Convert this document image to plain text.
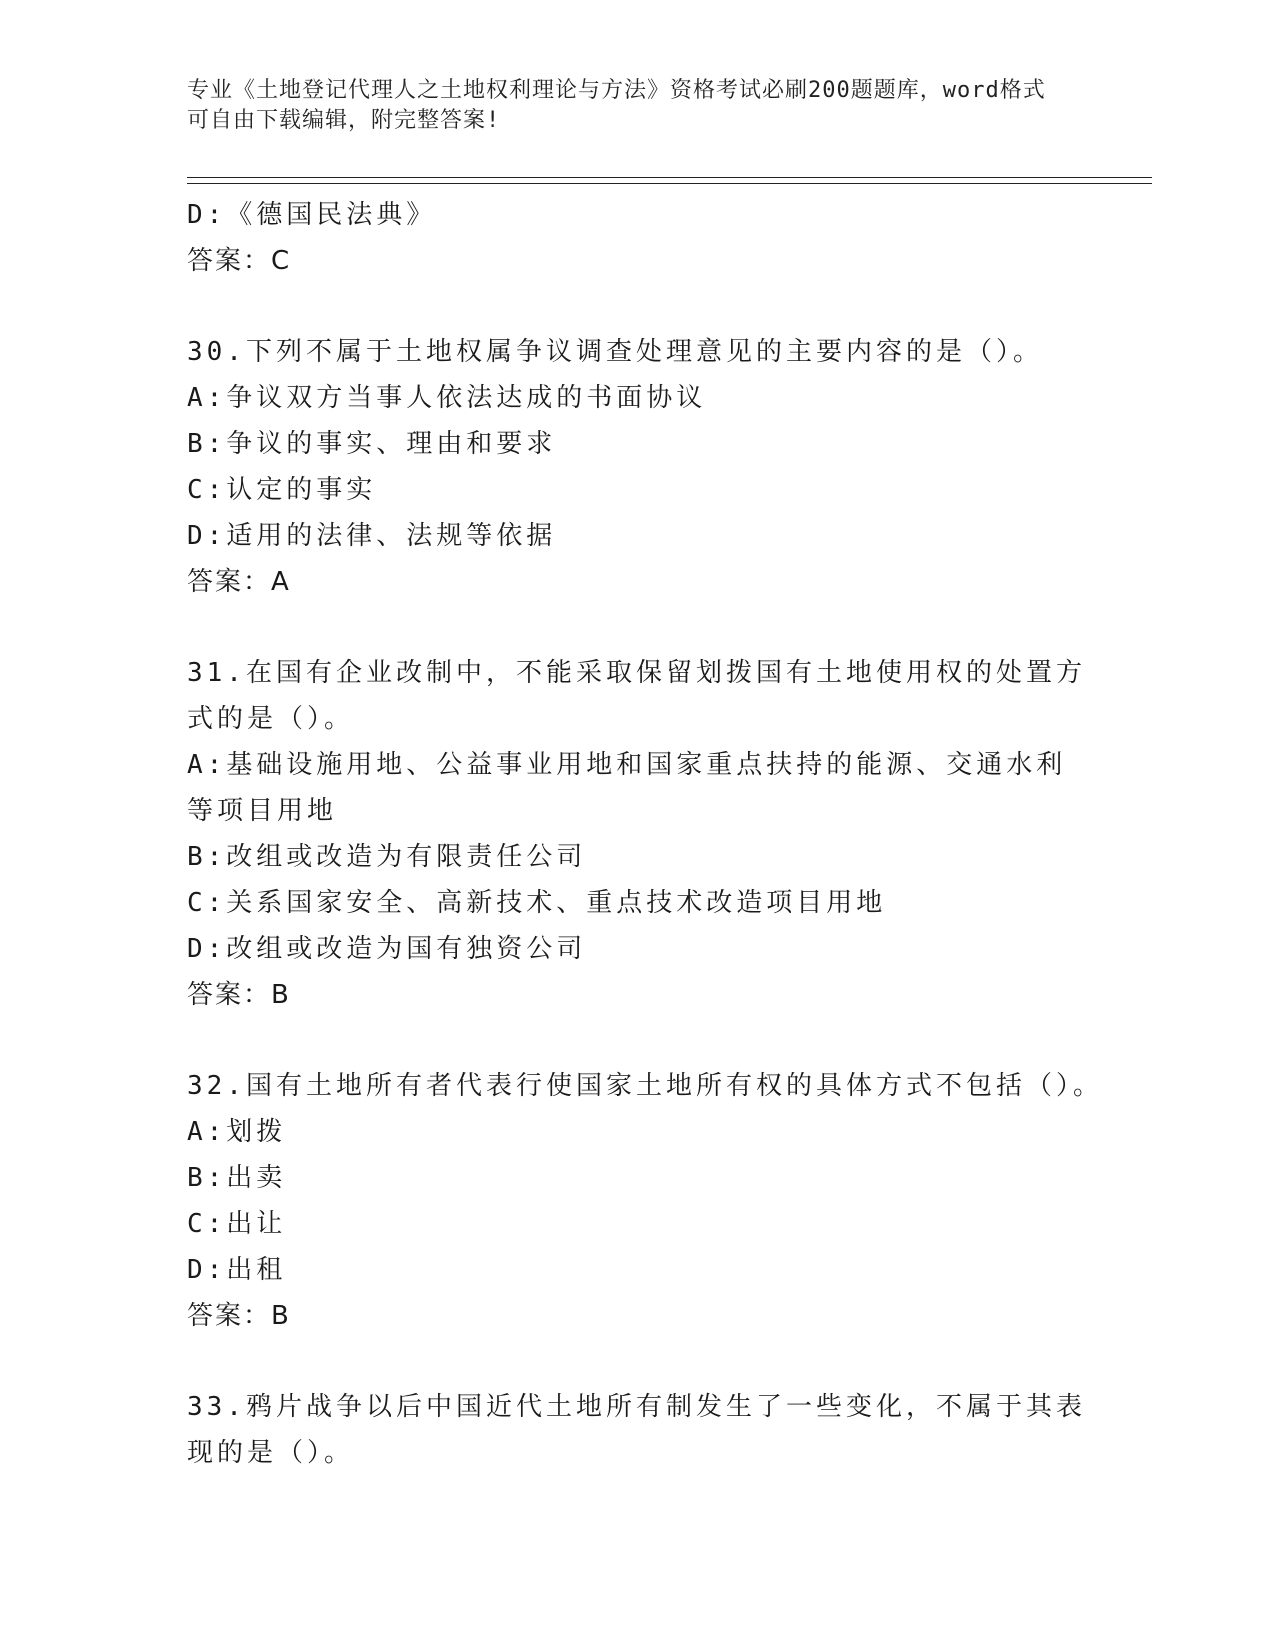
专业《土地登记代理人之土地权利理论与方法》资格考试必刷200题题库，word格式可自由下载编辑，附完整答案!
D:《德国民法典》
答案：C
30.下列不属于土地权属争议调查处理意见的主要内容的是（）。
A:争议双方当事人依法达成的书面协议
B:争议的事实、理由和要求
C:认定的事实
D:适用的法律、法规等依据
答案：A
31.在国有企业改制中，不能采取保留划拨国有土地使用权的处置方式的是（）。
A:基础设施用地、公益事业用地和国家重点扶持的能源、交通水利等项目用地
B:改组或改造为有限责任公司
C:关系国家安全、高新技术、重点技术改造项目用地
D:改组或改造为国有独资公司
答案：B
32.国有土地所有者代表行使国家土地所有权的具体方式不包括（）。
A:划拨
B:出卖
C:出让
D:出租
答案：B
33.鸦片战争以后中国近代土地所有制发生了一些变化，不属于其表现的是（）。
